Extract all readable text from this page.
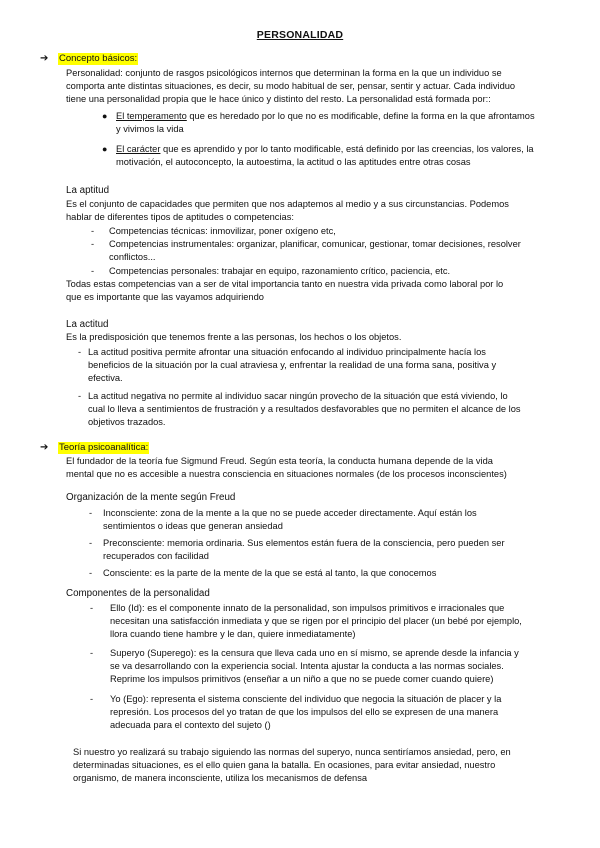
PERSONALIDAD
➔ Concepto básicos:
Personalidad: conjunto de rasgos psicológicos internos que determinan la forma en la que un individuo se
comporta ante distintas situaciones, es decir, su modo habitual de ser, pensar, sentir y actuar. Cada individuo
tiene una personalidad propia que le hace único y distinto del resto. La personalidad está formada por::
● El temperamento que es heredado por lo que no es modificable, define la forma en la que afrontamos
y vivimos la vida
● El carácter que es aprendido y por lo tanto modificable, está definido por las creencias, los valores, la
motivación, el autoconcepto, la autoestima, la actitud o las aptitudes entre otras cosas
La aptitud
Es el conjunto de capacidades que permiten que nos adaptemos al medio y a sus circunstancias. Podemos
hablar de diferentes tipos de aptitudes o competencias:
- Competencias técnicas: inmovilizar, poner oxígeno etc,
- Competencias instrumentales: organizar, planificar, comunicar, gestionar, tomar decisiones, resolver
conflictos...
- Competencias personales: trabajar en equipo, razonamiento crítico, paciencia, etc.
Todas estas competencias van a ser de vital importancia tanto en nuestra vida privada como laboral por lo
que es importante que las vayamos adquiriendo
La actitud
Es la predisposición que tenemos frente a las personas, los hechos o los objetos.
- La actitud positiva permite afrontar una situación enfocando al individuo principalmente hacía los
beneficios de la situación por la cual atraviesa y, enfrentar la realidad de una forma sana, positiva y
efectiva.
- La actitud negativa no permite al individuo sacar ningún provecho de la situación que está viviendo, lo
cual lo lleva a sentimientos de frustración y a resultados desfavorables que no permiten el alcance de los
objetivos trazados.
➔ Teoría psicoanalítica:
El fundador de la teoría fue Sigmund Freud. Según esta teoría, la conducta humana depende de la vida
mental que no es accesible a nuestra consciencia en situaciones normales (de los procesos inconscientes)
Organización de la mente según Freud
- Inconsciente: zona de la mente a la que no se puede acceder directamente. Aquí están los
sentimientos o ideas que generan ansiedad
- Preconsciente: memoria ordinaria. Sus elementos están fuera de la consciencia, pero pueden ser
recuperados con facilidad
- Consciente: es la parte de la mente de la que se está al tanto, la que conocemos
Componentes de la personalidad
- Ello (Id): es el componente innato de la personalidad, son impulsos primitivos e irracionales que
necesitan una satisfacción inmediata y que se rigen por el principio del placer (un bebé por ejemplo,
llora cuando tiene hambre y le dan, quiere inmediatamente)
- Superyo (Superego): es la censura que lleva cada uno en sí mismo, se aprende desde la infancia y
se va desarrollando con la experiencia social. Intenta ajustar la conducta a las normas sociales.
Reprime los impulsos primitivos (enseñar a un niño a que no se puede comer cuando quiere)
- Yo (Ego): representa el sistema consciente del individuo que negocia la situación de placer y la
represión. Los procesos del yo tratan de que los impulsos del ello se expresen de una manera
adecuada para el contexto del sujeto ()
Si nuestro yo realizará su trabajo siguiendo las normas del superyo, nunca sentiríamos ansiedad, pero, en
determinadas situaciones, es el ello quien gana la batalla. En ocasiones, para evitar ansiedad, nuestro
organismo, de manera inconsciente, utiliza los mecanismos de defensa
